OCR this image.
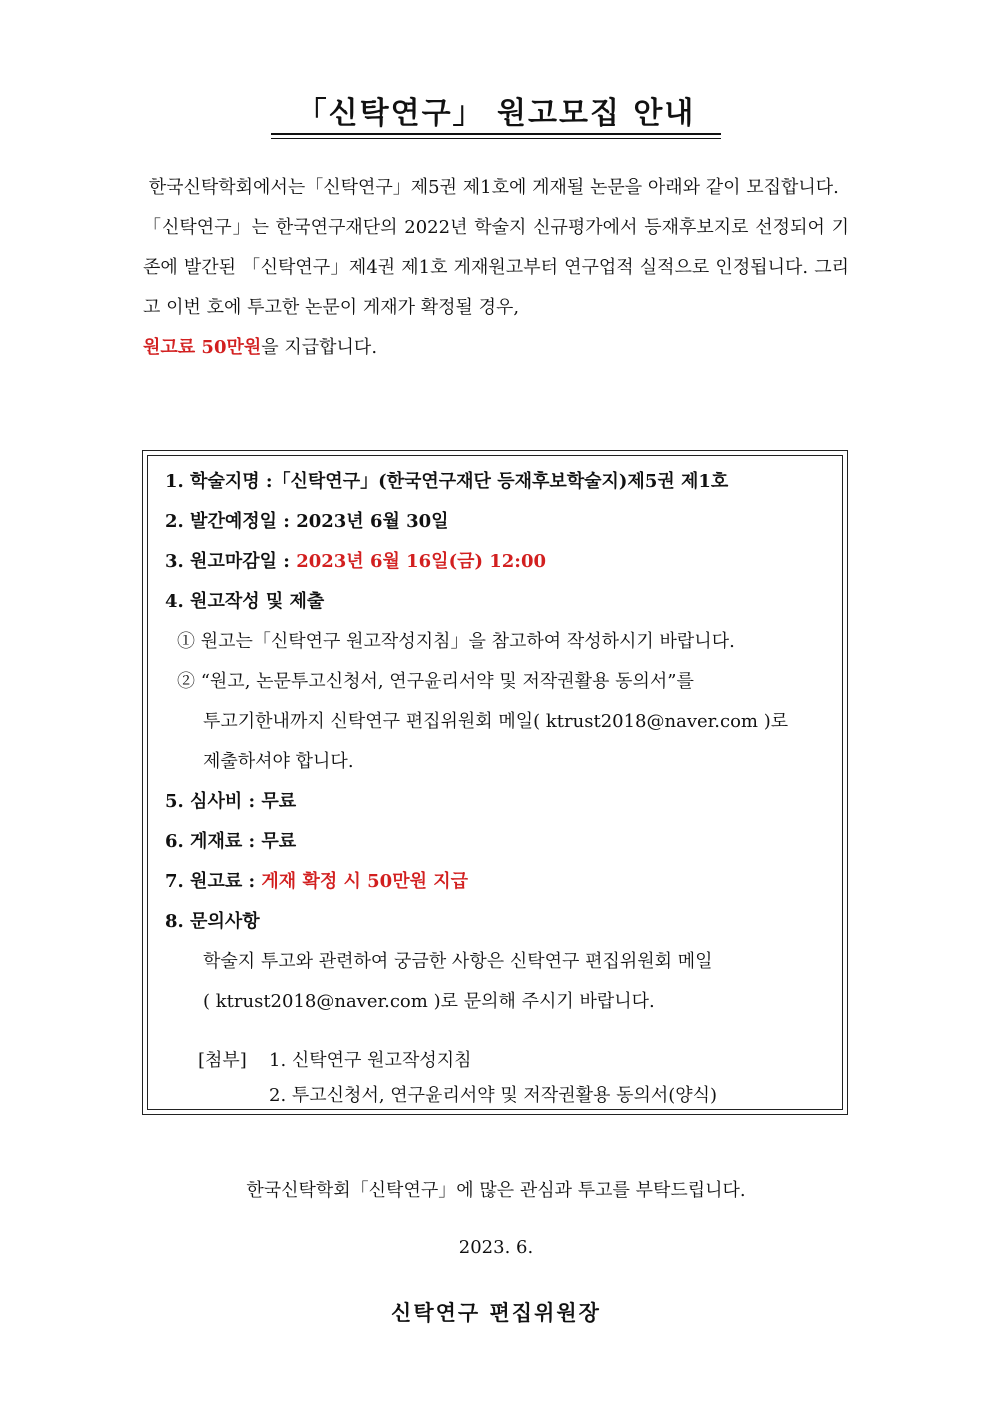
「신탁연구」 원고모집 안내

한국신탁학회에서는「신탁연구」제5권 제1호에 게재될 논문을 아래와 같이 모집합니다.

「신탁연구」는 한국연구재단의 2022년 학술지 신규평가에서 등재후보지로 선정되어 기존에 발간된 「신탁연구」제4권 제1호 게재원고부터 연구업적 실적으로 인정됩니다. 그리고 이번 호에 투고한 논문이 게재가 확정될 경우,
원고료 50만원을 지급합니다.

1. 학술지명 :「신탁연구」(한국연구재단 등재후보학술지)제5권 제1호
2. 발간예정일 : 2023년 6월 30일
3. 원고마감일 : 2023년 6월 16일(금) 12:00
4. 원고작성 및 제출
① 원고는「신탁연구 원고작성지침」을 참고하여 작성하시기 바랍니다.
② “원고, 논문투고신청서, 연구윤리서약 및 저작권활용 동의서”를
투고기한내까지 신탁연구 편집위원회 메일( ktrust2018@naver.com )로
제출하셔야 합니다.
5. 심사비 : 무료
6. 게재료 : 무료
7. 원고료 : 게재 확정 시 50만원 지급
8. 문의사항
학술지 투고와 관련하여 궁금한 사항은 신탁연구 편집위원회 메일
( ktrust2018@naver.com )로 문의해 주시기 바랍니다.
[첨부] 1. 신탁연구 원고작성지침
2. 투고신청서, 연구윤리서약 및 저작권활용 동의서(양식)
한국신탁학회「신탁연구」에 많은 관심과 투고를 부탁드립니다.
2023. 6.
신탁연구 편집위원장
